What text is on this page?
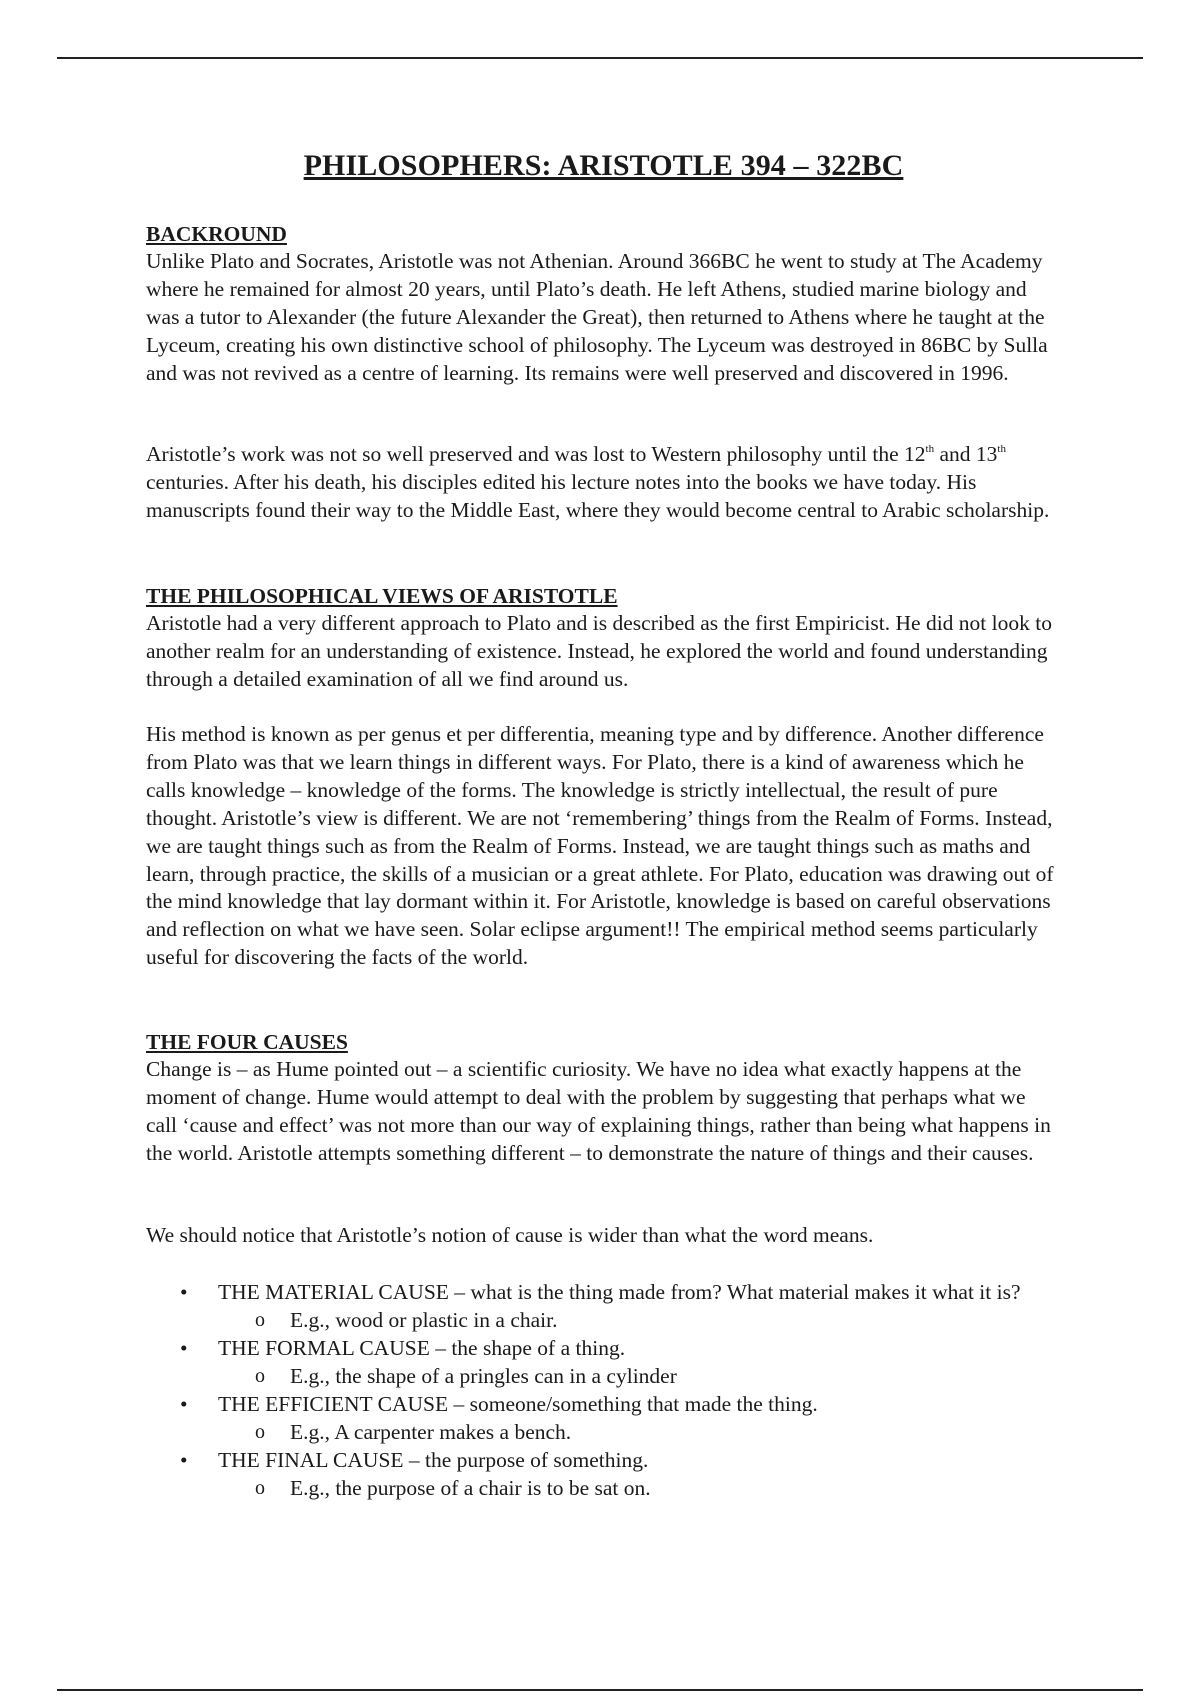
PHILOSOPHERS: ARISTOTLE 394 – 322BC
BACKROUND

Unlike Plato and Socrates, Aristotle was not Athenian. Around 366BC he went to study at The Academy where he remained for almost 20 years, until Plato’s death. He left Athens, studied marine biology and was a tutor to Alexander (the future Alexander the Great), then returned to Athens where he taught at the Lyceum, creating his own distinctive school of philosophy. The Lyceum was destroyed in 86BC by Sulla and was not revived as a centre of learning. Its remains were well preserved and discovered in 1996.

Aristotle’s work was not so well preserved and was lost to Western philosophy until the 12th and 13th centuries. After his death, his disciples edited his lecture notes into the books we have today. His manuscripts found their way to the Middle East, where they would become central to Arabic scholarship.

THE PHILOSOPHICAL VIEWS OF ARISTOTLE

Aristotle had a very different approach to Plato and is described as the first Empiricist. He did not look to another realm for an understanding of existence. Instead, he explored the world and found understanding through a detailed examination of all we find around us.

His method is known as per genus et per differentia, meaning type and by difference. Another difference from Plato was that we learn things in different ways. For Plato, there is a kind of awareness which he calls knowledge – knowledge of the forms. The knowledge is strictly intellectual, the result of pure thought. Aristotle’s view is different. We are not ‘remembering’ things from the Realm of Forms. Instead, we are taught things such as from the Realm of Forms. Instead, we are taught things such as maths and learn, through practice, the skills of a musician or a great athlete. For Plato, education was drawing out of the mind knowledge that lay dormant within it. For Aristotle, knowledge is based on careful observations and reflection on what we have seen. Solar eclipse argument!! The empirical method seems particularly useful for discovering the facts of the world.

THE FOUR CAUSES

Change is – as Hume pointed out – a scientific curiosity. We have no idea what exactly happens at the moment of change. Hume would attempt to deal with the problem by suggesting that perhaps what we call ‘cause and effect’ was not more than our way of explaining things, rather than being what happens in the world. Aristotle attempts something different – to demonstrate the nature of things and their causes.

We should notice that Aristotle’s notion of cause is wider than what the word means.

• THE MATERIAL CAUSE – what is the thing made from? What material makes it what it is?
o E.g., wood or plastic in a chair.
• THE FORMAL CAUSE – the shape of a thing.
o E.g., the shape of a pringles can in a cylinder
• THE EFFICIENT CAUSE – someone/something that made the thing.
o E.g., A carpenter makes a bench.
• THE FINAL CAUSE – the purpose of something.
o E.g., the purpose of a chair is to be sat on.
